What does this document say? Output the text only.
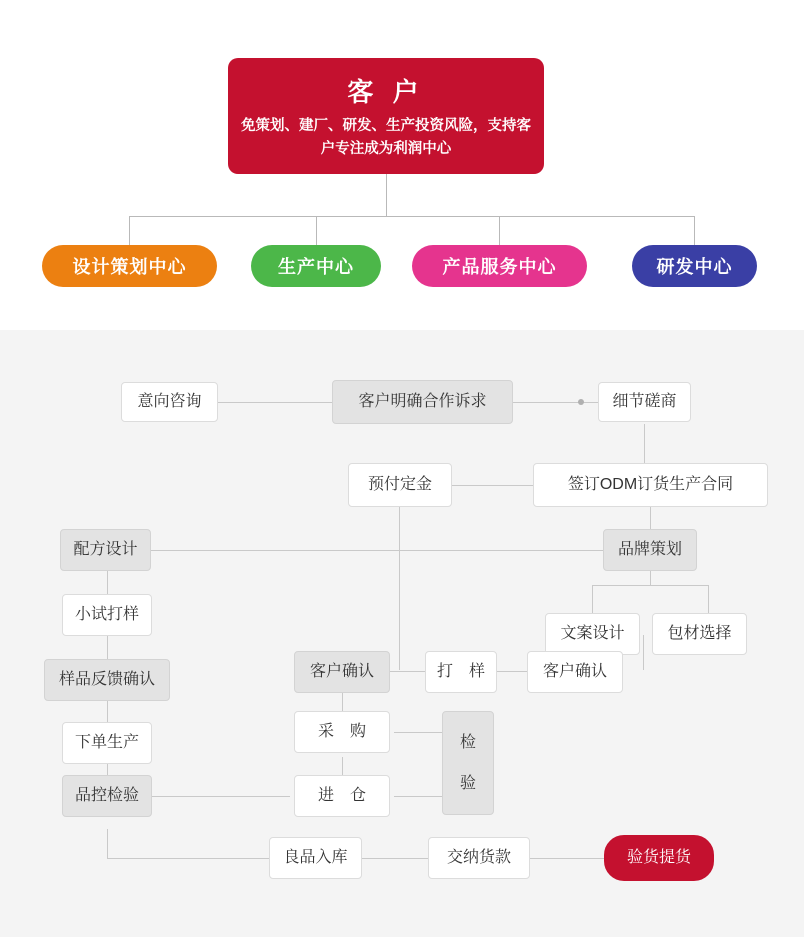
客 户
免策划、建厂、研发、生产投资风险，支持客户专注成为利润中心
设计策划中心	生产中心	产品服务中心	研发中心
意向咨询	客户明确合作诉求	细节磋商
预付定金	签订ODM订货生产合同
配方设计	品牌策划
小试打样
文案设计	包材选择
样品反馈确认	客户确认	打　样	客户确认
下单生产
采　购
检
验
品控检验	进　仓
良品入库	交纳货款	验货提货
